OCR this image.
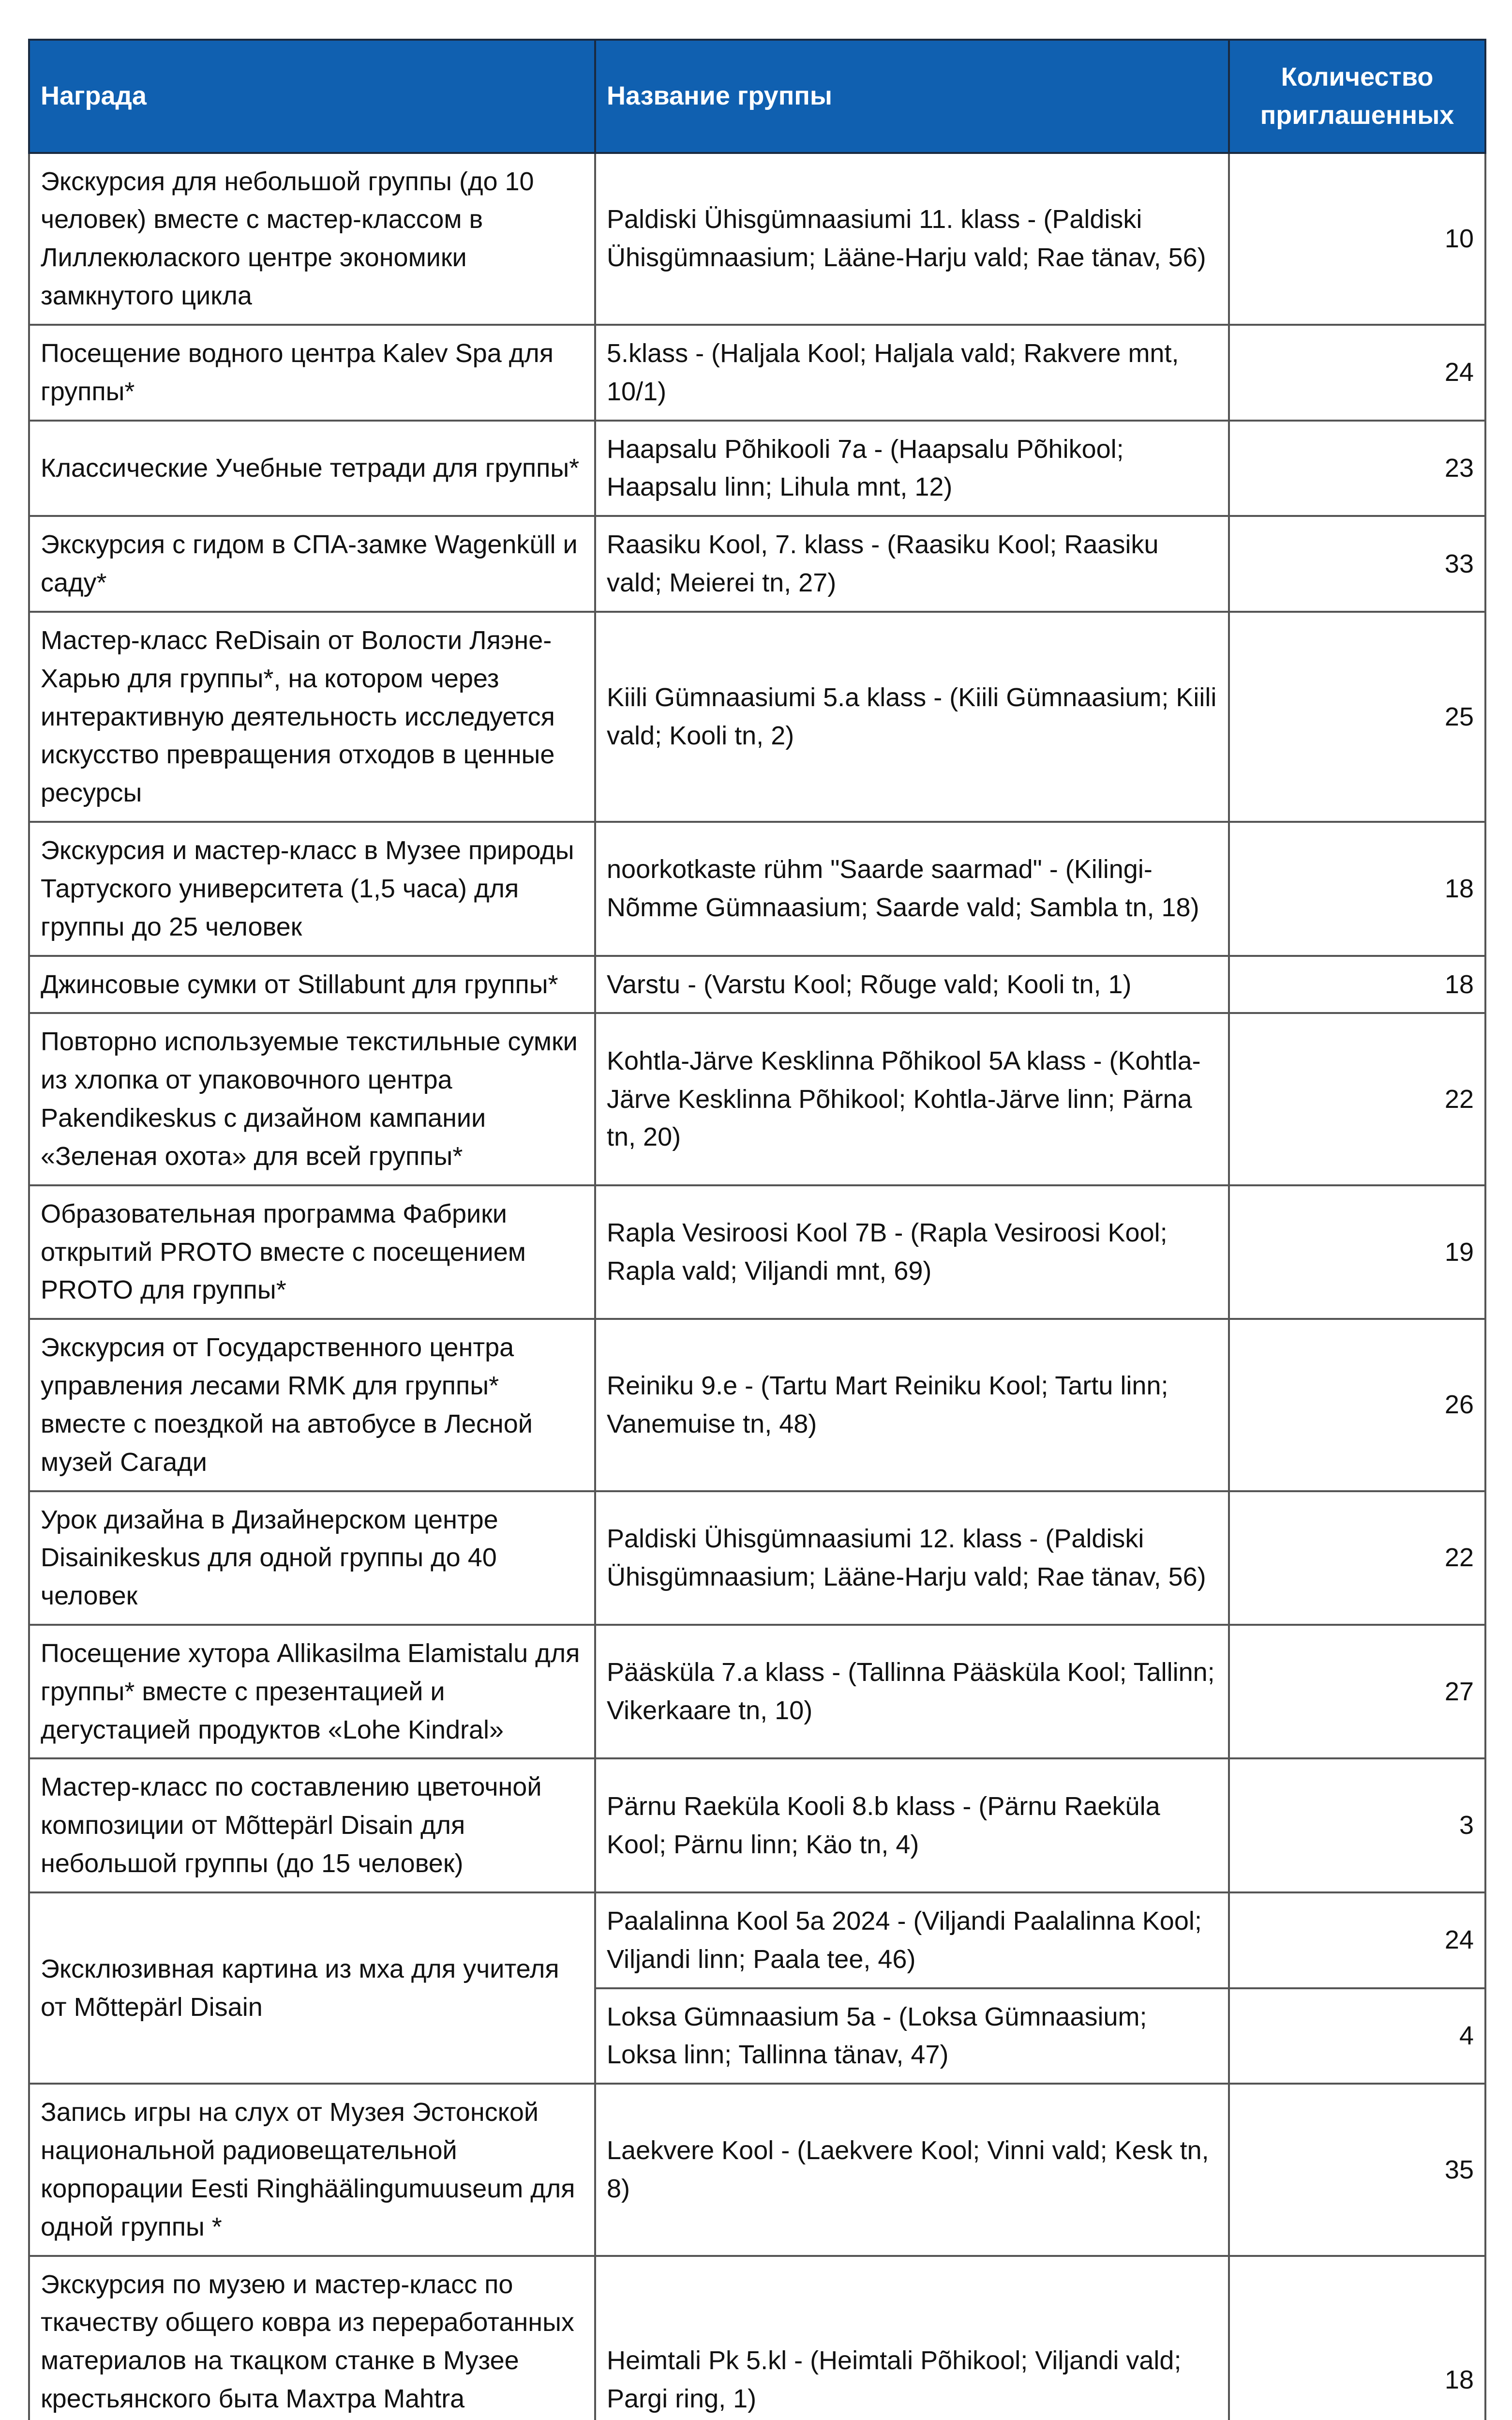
Награда	Название группы	Количество приглашенных
Экскурсия для небольшой группы (до 10 человек) вместе с мастер-классом в Лиллекюлаского центре экономики замкнутого цикла	Paldiski Ühisgümnaasiumi 11. klass - (Paldiski Ühisgümnaasium; Lääne-Harju vald; Rae tänav, 56)	10
Посещение водного центра Kalev Spa для группы*	5.klass - (Haljala Kool; Haljala vald; Rakvere mnt, 10/1)	24
Классические Учебные тетради для группы*	Haapsalu Põhikooli 7a - (Haapsalu Põhikool; Haapsalu linn; Lihula mnt, 12)	23
Экскурсия с гидом в СПА-замке Wagenküll и саду*	Raasiku Kool, 7. klass - (Raasiku Kool; Raasiku vald; Meierei tn, 27)	33
Мастер-класс ReDisain от Волости Ляэне-Харью для группы*, на котором через интерактивную деятельность исследуется искусство превращения отходов в ценные ресурсы	Kiili Gümnaasiumi 5.a klass - (Kiili Gümnaasium; Kiili vald; Kooli tn, 2)	25
Экскурсия и мастер-класс в Музее природы Тартуского университета (1,5 часа) для группы до 25 человек	noorkotkaste rühm "Saarde saarmad" - (Kilingi-Nõmme Gümnaasium; Saarde vald; Sambla tn, 18)	18
Джинсовые сумки от Stillabunt для группы*	Varstu - (Varstu Kool; Rõuge vald; Kooli tn, 1)	18
Повторно используемые текстильные сумки из хлопка от упаковочного центра Pakendikeskus с дизайном кампании «Зеленая охота» для всей группы*	Kohtla-Järve Kesklinna Põhikool 5A klass - (Kohtla-Järve Kesklinna Põhikool; Kohtla-Järve linn; Pärna tn, 20)	22
Образовательная программа Фабрики открытий PROTO вместе с посещением PROTO для группы*	Rapla Vesiroosi Kool 7B - (Rapla Vesiroosi Kool; Rapla vald; Viljandi mnt, 69)	19
Экскурсия от Государственного центра управления лесами RMK для группы* вместе с поездкой на автобусе в Лесной музей Сагади	Reiniku 9.e - (Tartu Mart Reiniku Kool; Tartu linn; Vanemuise tn, 48)	26
Урок дизайна в Дизайнерском центре Disainikeskus для одной группы до 40 человек	Paldiski Ühisgümnaasiumi 12. klass - (Paldiski Ühisgümnaasium; Lääne-Harju vald; Rae tänav, 56)	22
Посещение хутора Allikasilma Elamistalu для группы* вместе с презентацией и дегустацией продуктов «Lohe Kindral»	Pääsküla 7.a klass - (Tallinna Pääsküla Kool; Tallinn; Vikerkaare tn, 10)	27
Мастер-класс по составлению цветочной композиции от Mõttepärl Disain для небольшой группы (до 15 человек)	Pärnu Raeküla Kooli 8.b klass - (Pärnu Raeküla Kool; Pärnu linn; Käo tn, 4)	3
Эксклюзивная картина из мха для учителя от Mõttepärl Disain	Paalalinna Kool 5a 2024 - (Viljandi Paalalinna Kool; Viljandi linn; Paala tee, 46)	24
	Loksa Gümnaasium 5a - (Loksa Gümnaasium; Loksa linn; Tallinna tänav, 47)	4
Запись игры на слух от Музея Эстонской национальной радиовещательной корпорации Eesti Ringhäälingumuuseum для одной группы *	Laekvere Kool - (Laekvere Kool; Vinni vald; Kesk tn, 8)	35
Экскурсия по музею и мастер-класс по ткачеству общего ковра из переработанных материалов на ткацком станке в Музее крестьянского быта Махтра Mahtra	Heimtali Pk 5.kl - (Heimtali Põhikool; Viljandi vald; Pargi ring, 1)	18
